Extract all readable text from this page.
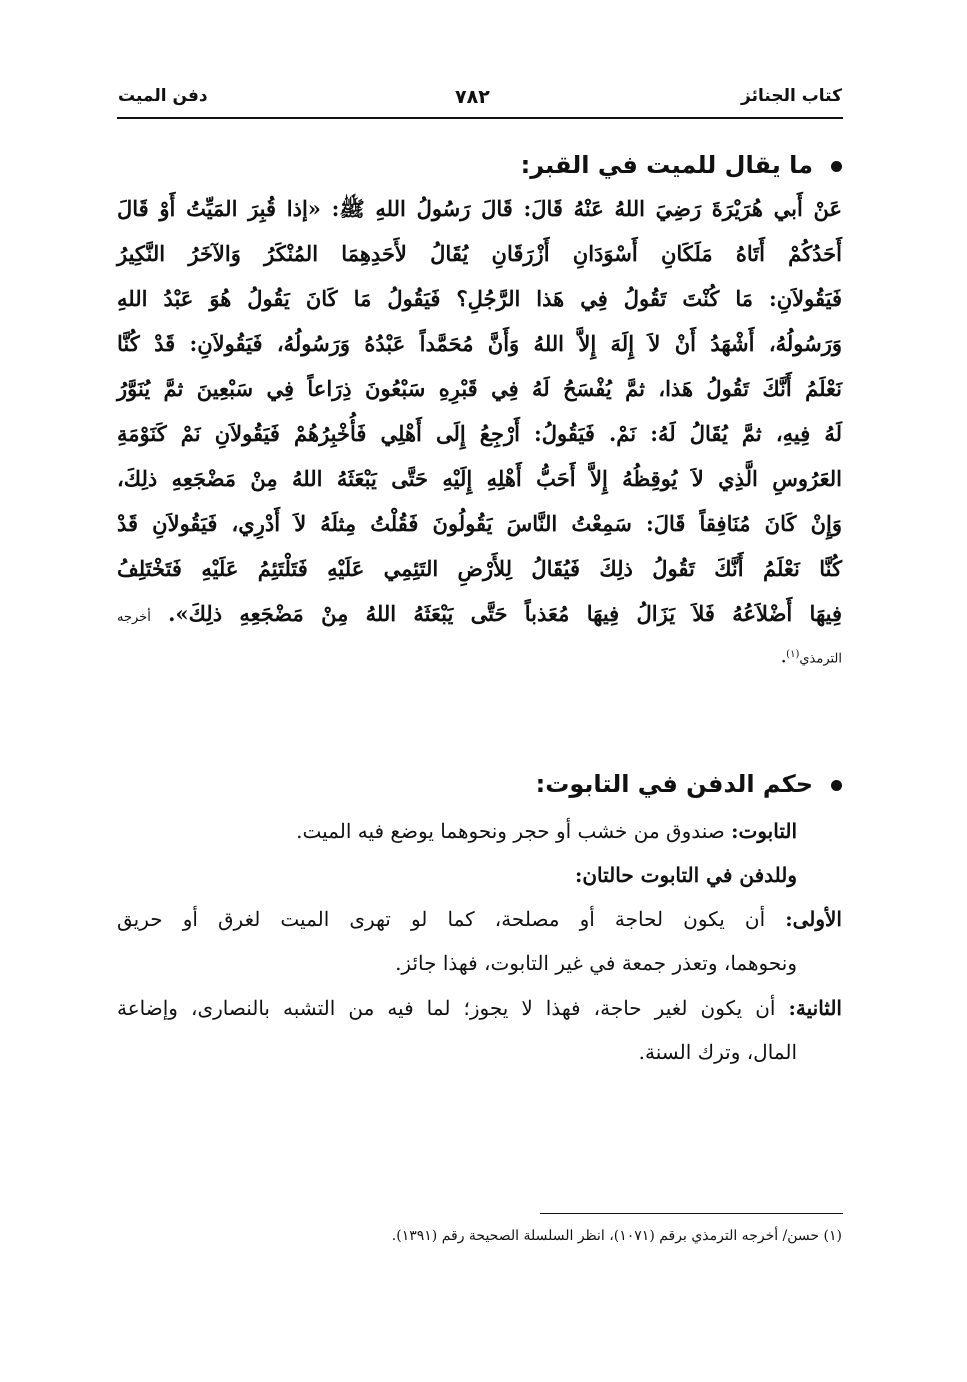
كتاب الجنائز
٧٨٢
دفن الميت
ما يقال للميت في القبر:
عَنْ أَبي هُرَيْرَةَ رَضِيَ اللهُ عَنْهُ قَالَ: قَالَ رَسُولُ اللهِ ﷺ: «إذا قُبِرَ المَيِّتُ أَوْ قَالَ
أَحَدُكُمْ أَتَاهُ مَلَكَانِ أَسْوَدَانِ أَزْرَقَانِ يُقَالُ لأَحَدِهِمَا المُنْكَرُ وَالآخَرُ النَّكِيرُ
فَيَقُولاَنِ: مَا كُنْتَ تَقُولُ فِي هَذا الرَّجُلِ؟ فَيَقُولُ مَا كَانَ يَقُولُ هُوَ عَبْدُ اللهِ
وَرَسُولُهُ، أَشْهَدُ أَنْ لاَ إِلَهَ إِلاَّ اللهُ وَأَنَّ مُحَمَّداً عَبْدُهُ وَرَسُولُهُ، فَيَقُولاَنِ: قَدْ كُنَّا
نَعْلَمُ أَنَّكَ تَقُولُ هَذا، ثمَّ يُفْسَحُ لَهُ فِي قَبْرِهِ سَبْعُونَ ذِرَاعاً فِي سَبْعِينَ ثمَّ يُنَوَّرُ
لَهُ فِيهِ، ثمَّ يُقَالُ لَهُ: نَمْ. فَيَقُولُ: أَرْجِعُ إِلَى أَهْلِي فَأُخْبِرُهُمْ فَيَقُولاَنِ نَمْ كَنَوْمَةِ
العَرُوسِ الَّذِي لاَ يُوقِظُهُ إِلاَّ أَحَبُّ أَهْلِهِ إِلَيْهِ حَتَّى يَبْعَثَهُ اللهُ مِنْ مَضْجَعِهِ ذلِكَ،
وَإِنْ كَانَ مُنَافِقاً قَالَ: سَمِعْتُ النَّاسَ يَقُولُونَ فَقُلْتُ مِثلَهُ لاَ أَدْرِي، فَيَقُولاَنِ قَدْ
كُنَّا نَعْلَمُ أَنَّكَ تَقُولُ ذلِكَ فَيُقَالُ لِلأَرْضِ التَئِمِي عَلَيْهِ فَتَلْتَئِمُ عَلَيْهِ فَتَخْتَلِفُ
فِيهَا أَضْلاَعُهُ فَلاَ يَزَالُ فِيهَا مُعَذباً حَتَّى يَبْعَثَهُ اللهُ مِنْ مَضْجَعِهِ ذلِكَ». أخرجه
الترمذي$^{(١)}$.
حكم الدفن في التابوت:
التابوت: صندوق من خشب أو حجر ونحوهما يوضع فيه الميت.
وللدفن في التابوت حالتان:
الأولى: أن يكون لحاجة أو مصلحة، كما لو تهرى الميت لغرق أو حريق
ونحوهما، وتعذر جمعة في غير التابوت، فهذا جائز.
الثانية: أن يكون لغير حاجة، فهذا لا يجوز؛ لما فيه من التشبه بالنصارى، وإضاعة
المال، وترك السنة.
(١) حسن/ أخرجه الترمذي برقم (١٠٧١)، انظر السلسلة الصحيحة رقم (١٣٩١).
